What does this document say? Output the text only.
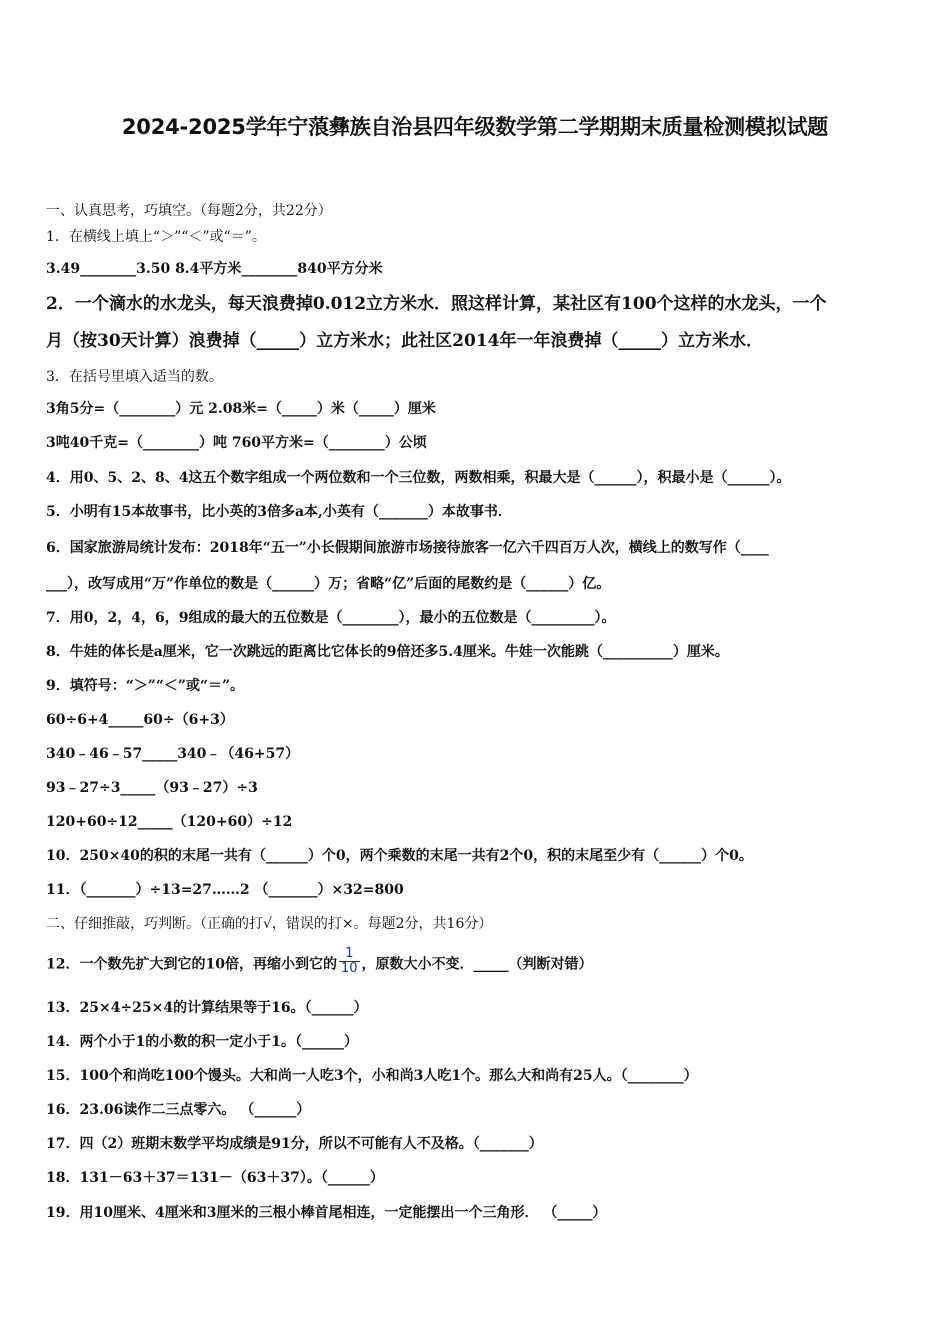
2024-2025学年宁蒗彝族自治县四年级数学第二学期期末质量检测模拟试题
一、认真思考，巧填空。（每题2分，共22分）
1．在横线上填上“＞”“＜”或“＝”。
3.49________3.50 8.4平方米________840平方分米
2．一个滴水的水龙头，每天浪费掉0.012立方米水．照这样计算，某社区有100个这样的水龙头，一个
月（按30天计算）浪费掉（_____）立方米水；此社区2014年一年浪费掉（_____）立方米水．
3．在括号里填入适当的数。
3角5分=（________）元 2.08米=（_____）米（_____）厘米
3吨40千克=（________）吨 760平方米=（________）公顷
4．用0、5、2、8、4这五个数字组成一个两位数和一个三位数，两数相乘，积最大是（______），积最小是（______）。
5．小明有15本故事书，比小英的3倍多a本,小英有（_______）本故事书．
6．国家旅游局统计发布：2018年“五一”小长假期间旅游市场接待旅客一亿六千四百万人次，横线上的数写作（____
___），改写成用“万”作单位的数是（______）万；省略“亿”后面的尾数约是（______）亿。
7．用0，2，4，6，9组成的最大的五位数是（________），最小的五位数是（_________）。
8．牛娃的体长是a厘米，它一次跳远的距离比它体长的9倍还多5.4厘米。牛娃一次能跳（__________）厘米。
9．填符号：“＞”“＜”或“＝”。
60÷6+4_____60÷（6+3）
340﹣46﹣57_____340﹣（46+57）
93﹣27÷3_____（93﹣27）÷3
120+60÷12_____（120+60）÷12
10．250×40的积的末尾一共有（______）个0，两个乘数的末尾一共有2个0，积的末尾至少有（______）个0。
11．（_______）÷13=27……2 （_______）×32=800
二、仔细推敲，巧判断。（正确的打√，错误的打×。每题2分，共16分）
12．一个数先扩大到它的10倍，再缩小到它的 $\frac{1}{10}$ ，原数大小不变．_____（判断对错）
13．25×4÷25×4的计算结果等于16。（______）
14．两个小于1的小数的积一定小于1。（______）
15．100个和尚吃100个馒头。大和尚一人吃3个，小和尚3人吃1个。那么大和尚有25人。（________）
16．23.06读作二三点零六。 （______）
17．四（2）班期末数学平均成绩是91分，所以不可能有人不及格。（_______）
18．131－63＋37＝131－（63＋37）。（______）
19．用10厘米、4厘米和3厘米的三根小棒首尾相连，一定能摆出一个三角形． （_____）
